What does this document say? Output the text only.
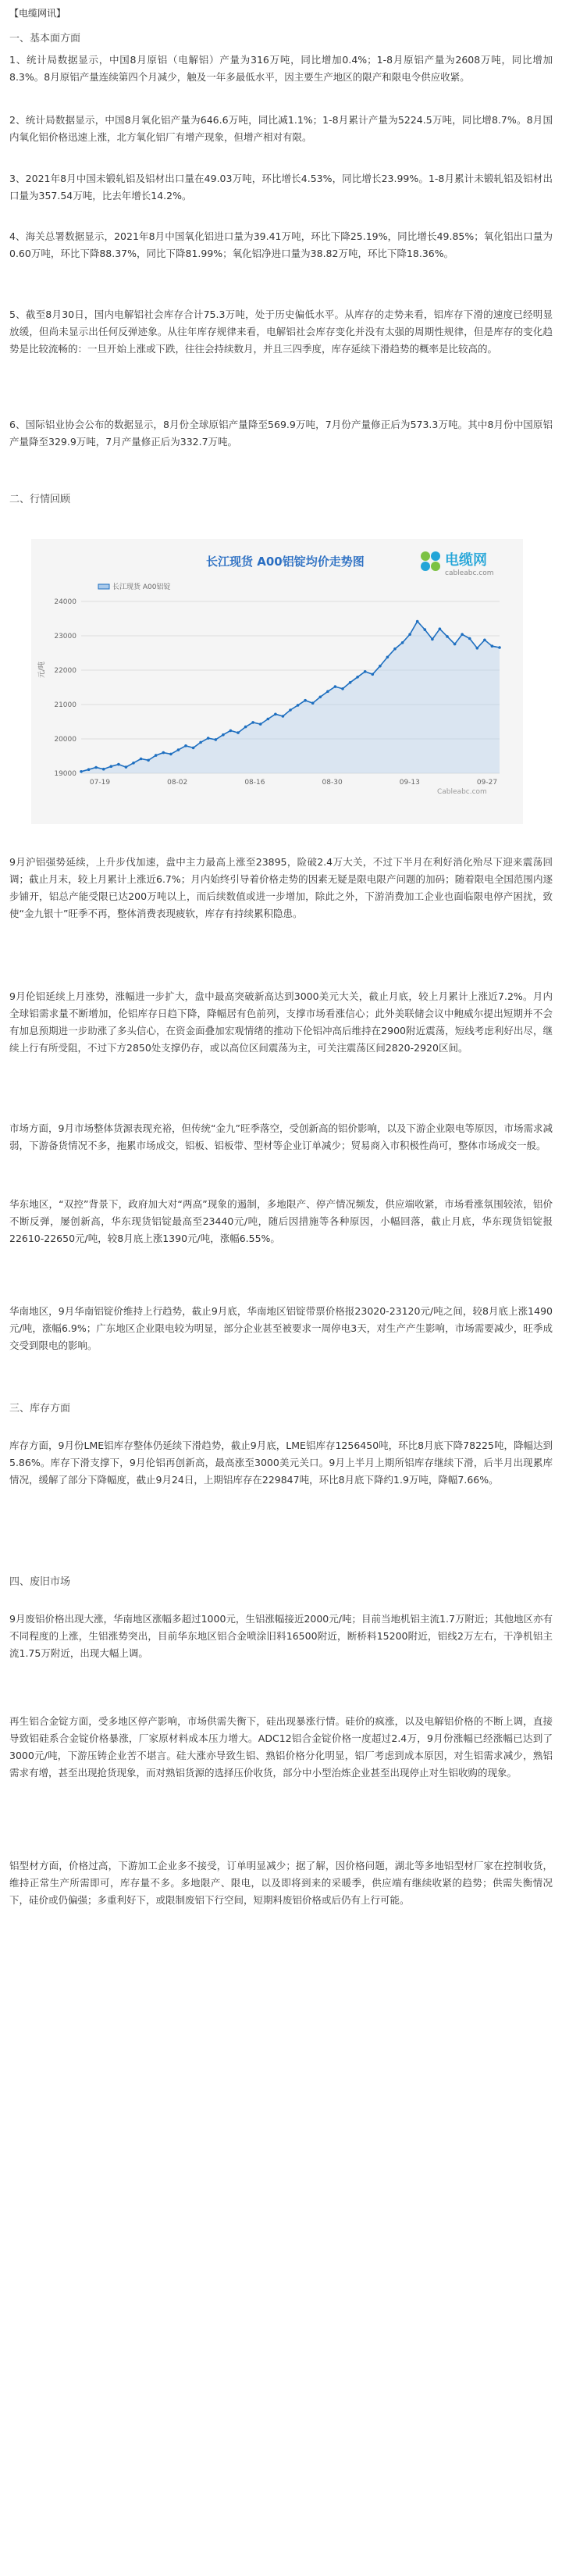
【电缆网讯】
一、基本面方面

1、统计局数据显示，中国8月原铝（电解铝）产量为316万吨，同比增加0.4%；1-8月原铝产量为2608万吨，同比增加8.3%。8月原铝产量连续第四个月减少，触及一年多最低水平，因主要生产地区的限产和限电令供应收紧。

2、统计局数据显示，中国8月氧化铝产量为646.6万吨，同比减1.1%；1-8月累计产量为5224.5万吨，同比增8.7%。8月国内氧化铝价格迅速上涨，北方氧化铝厂有增产现象，但增产相对有限。

3、2021年8月中国未锻轧铝及铝材出口量在49.03万吨，环比增长4.53%，同比增长23.99%。1-8月累计未锻轧铝及铝材出口量为357.54万吨，比去年增长14.2%。

4、海关总署数据显示，2021年8月中国氧化铝进口量为39.41万吨，环比下降25.19%，同比增长49.85%；氧化铝出口量为0.60万吨，环比下降88.37%，同比下降81.99%；氧化铝净进口量为38.82万吨，环比下降18.36%。

5、截至8月30日，国内电解铝社会库存合计75.3万吨，处于历史偏低水平。从库存的走势来看，铝库存下滑的速度已经明显放缓，但尚未显示出任何反弹迹象。从往年库存规律来看，电解铝社会库存变化并没有太强的周期性规律，但是库存的变化趋势是比较流畅的：一旦开始上涨或下跌，往往会持续数月，并且三四季度，库存延续下滑趋势的概率是比较高的。

6、国际铝业协会公布的数据显示，8月份全球原铝产量降至569.9万吨，7月份产量修正后为573.3万吨。其中8月份中国原铝产量降至329.9万吨，7月产量修正后为332.7万吨。

二、行情回顾
长江现货 A00铝锭均价走势图	电缆网
cableabc.com
长江现货 A00铝锭
元/吨
19000
20000
21000
22000
23000
24000
07-19	08-02	08-16	08-30	09-13	09-27
Cableabc.com

9月沪铝强势延续，上升步伐加速，盘中主力最高上涨至23895，险破2.4万大关，不过下半月在利好消化殆尽下迎来震荡回调；截止月末，较上月累计上涨近6.7%；月内始终引导着价格走势的因素无疑是限电限产问题的加码；随着限电全国范围内逐步铺开，铝总产能受限已达200万吨以上，而后续数值或进一步增加，除此之外，下游消费加工企业也面临限电停产困扰，致使“金九银十”旺季不再，整体消费表现疲软，库存有持续累积隐患。

9月伦铝延续上月涨势，涨幅进一步扩大，盘中最高突破新高达到3000美元大关，截止月底，较上月累计上涨近7.2%。月内全球铝需求量不断增加，伦铝库存日趋下降，降幅居有色前列，支撑市场看涨信心；此外美联储会议中鲍威尔提出短期并不会有加息预期进一步助涨了多头信心，在资金面叠加宏观情绪的推动下伦铝冲高后维持在2900附近震荡，短线考虑利好出尽，继续上行有所受阻，不过下方2850处支撑仍存，或以高位区间震荡为主，可关注震荡区间2820-2920区间。

市场方面，9月市场整体货源表现充裕，但传统“金九”旺季落空，受创新高的铝价影响，以及下游企业限电等原因，市场需求减弱，下游备货情况不多，拖累市场成交，铝板、铝板带、型材等企业订单减少；贸易商入市积极性尚可，整体市场成交一般。

华东地区，“双控”背景下，政府加大对“两高”现象的遏制，多地限产、停产情况频发，供应端收紧，市场看涨氛围较浓，铝价不断反弹，屡创新高，华东现货铝锭最高至23440元/吨，随后因措施等各种原因，小幅回落，截止月底，华东现货铝锭报22610-22650元/吨，较8月底上涨1390元/吨，涨幅6.55%。

华南地区，9月华南铝锭价维持上行趋势，截止9月底，华南地区铝锭带票价格报23020-23120元/吨之间，较8月底上涨1490元/吨，涨幅6.9%；广东地区企业限电较为明显，部分企业甚至被要求一周停电3天，对生产产生影响，市场需要减少，旺季成交受到限电的影响。

三、库存方面

库存方面，9月份LME铝库存整体仍延续下滑趋势，截止9月底，LME铝库存1256450吨，环比8月底下降78225吨，降幅达到5.86%。库存下滑支撑下，9月伦铝再创新高，最高涨至3000美元关口。9月上半月上期所铝库存继续下滑，后半月出现累库情况，缓解了部分下降幅度，截止9月24日，上期铝库存在229847吨，环比8月底下降约1.9万吨，降幅7.66%。

四、废旧市场

9月废铝价格出现大涨，华南地区涨幅多超过1000元，生铝涨幅接近2000元/吨；目前当地机铝主流1.7万附近；其他地区亦有不同程度的上涨，生铝涨势突出，目前华东地区铝合金喷涂旧料16500附近，断桥料15200附近，铝线2万左右，干净机铝主流1.75万附近，出现大幅上调。

再生铝合金锭方面，受多地区停产影响，市场供需失衡下，硅出现暴涨行情。硅价的疯涨，以及电解铝价格的不断上调，直接导致铝硅系合金锭价格暴涨，厂家原材料成本压力增大。ADC12铝合金锭价格一度超过2.4万，9月份涨幅已经涨幅已达到了3000元/吨，下游压铸企业苦不堪言。硅大涨亦导致生铝、熟铝价格分化明显，铝厂考虑到成本原因，对生铝需求减少，熟铝需求有增，甚至出现抢货现象，而对熟铝货源的选择压价收货，部分中小型治炼企业甚至出现停止对生铝收购的现象。

铝型材方面，价格过高，下游加工企业多不接受，订单明显减少；据了解，因价格问题，湖北等多地铝型材厂家在控制收货，维持正常生产所需即可，库存量不多。多地限产、限电，以及即将到来的采暖季，供应端有继续收紧的趋势；供需失衡情况下，硅价或仍偏强；多重利好下，或限制废铝下行空间，短期料废铝价格或后仍有上行可能。
